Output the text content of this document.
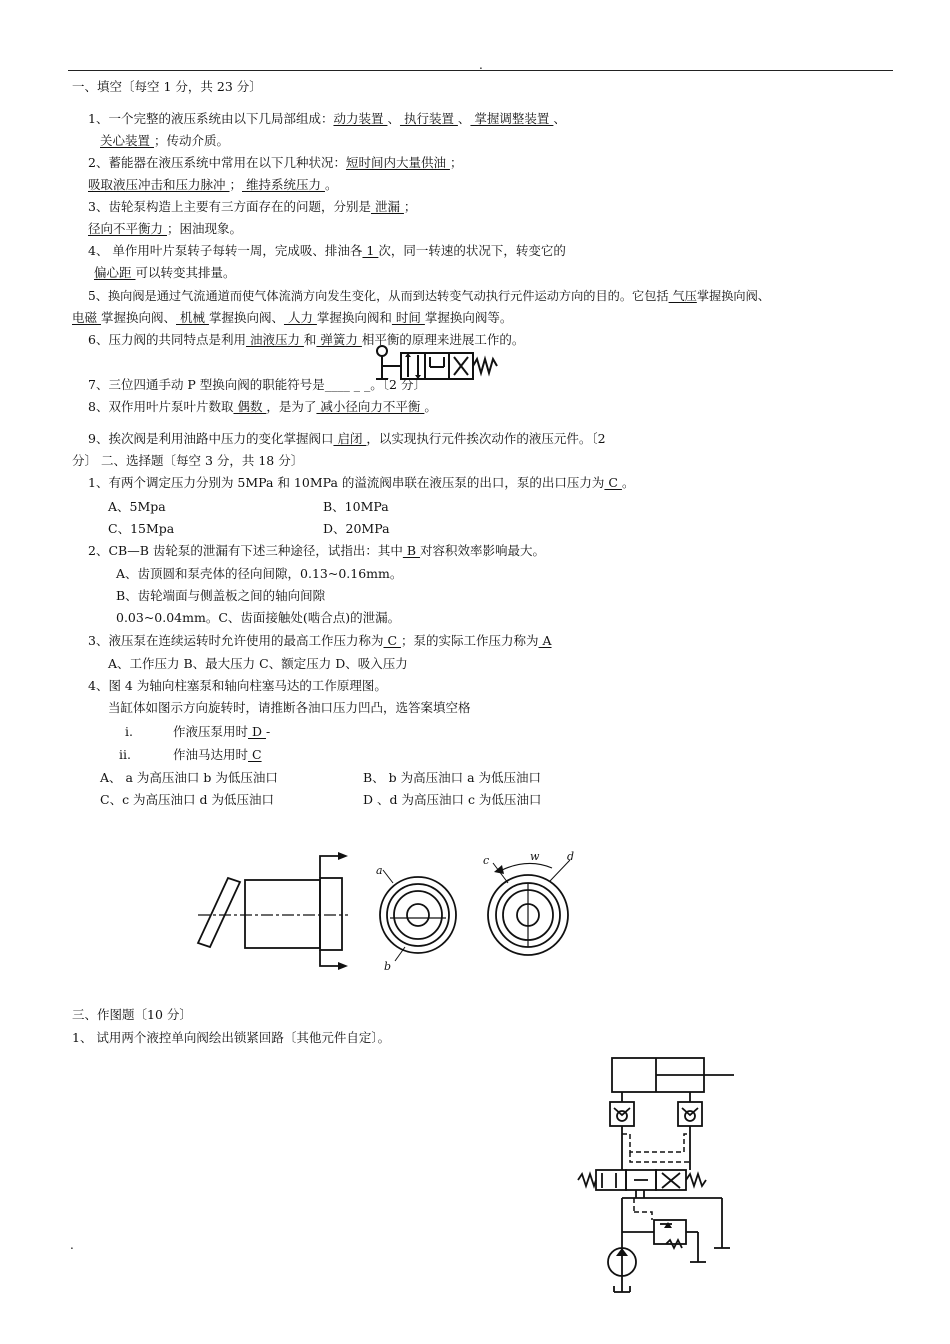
.
一、填空〔每空 1 分，共 23 分〕
1、一个完整的液压系统由以下几局部组成：动力装置 、 执行装置 、 掌握调整装置 、
关心装置 ；传动介质。
2、蓄能器在液压系统中常用在以下几种状况：短时间内大量供油 ；
吸取液压冲击和压力脉冲 ； 维持系统压力 。
3、齿轮泵构造上主要有三方面存在的问题，分别是 泄漏 ；
径向不平衡力 ；困油现象。
4、 单作用叶片泵转子每转一周，完成吸、排油各 1 次，同一转速的状况下，转变它的
偏心距 可以转变其排量。
5、换向阀是通过气流通道而使气体流淌方向发生变化，从而到达转变气动执行元件运动方向的目的。它包括 气压掌握换向阀、
电磁 掌握换向阀、 机械 掌握换向阀、 人力 掌握换向阀和 时间 掌握换向阀等。
6、压力阀的共同特点是利用 油液压力 和 弹簧力 相平衡的原理来进展工作的。
7、三位四通手动 P 型换向阀的职能符号是____ _ _。〔2 分〕
8、双作用叶片泵叶片数取 偶数 ，是为了 减小径向力不平衡 。
9、挨次阀是利用油路中压力的变化掌握阀口 启闭 ，以实现执行元件挨次动作的液压元件。〔2
分〕 二、选择题〔每空 3 分，共 18 分〕
1、有两个调定压力分别为 5MPa 和 10MPa 的溢流阀串联在液压泵的出口，泵的出口压力为 C 。
A、5Mpa	B、10MPa
C、15Mpa	D、20MPa
2、CB—B 齿轮泵的泄漏有下述三种途径，试指出：其中 B 对容积效率影响最大。
A、齿顶圆和泵壳体的径向间隙，0.13~0.16mm。
B、齿轮端面与侧盖板之间的轴向间隙
0.03~0.04mm。C、齿面接触处(啮合点)的泄漏。
3、液压泵在连续运转时允许使用的最高工作压力称为 C ；泵的实际工作压力称为 A
A、工作压力 B、最大压力 C、额定压力 D、吸入压力
4、图 4 为轴向柱塞泵和轴向柱塞马达的工作原理图。
当缸体如图示方向旋转时，请推断各油口压力凹凸，选答案填空格
i.	作液压泵用时 D -
ii.	作油马达用时 C
A、 a 为高压油口 b 为低压油口	B、 b 为高压油口 a 为低压油口
C、c 为高压油口 d 为低压油口	D 、d 为高压油口 c 为低压油口
a
b
c	w	d
三、作图题〔10 分〕
1、 试用两个液控单向阀绘出锁紧回路〔其他元件自定〕。
.
